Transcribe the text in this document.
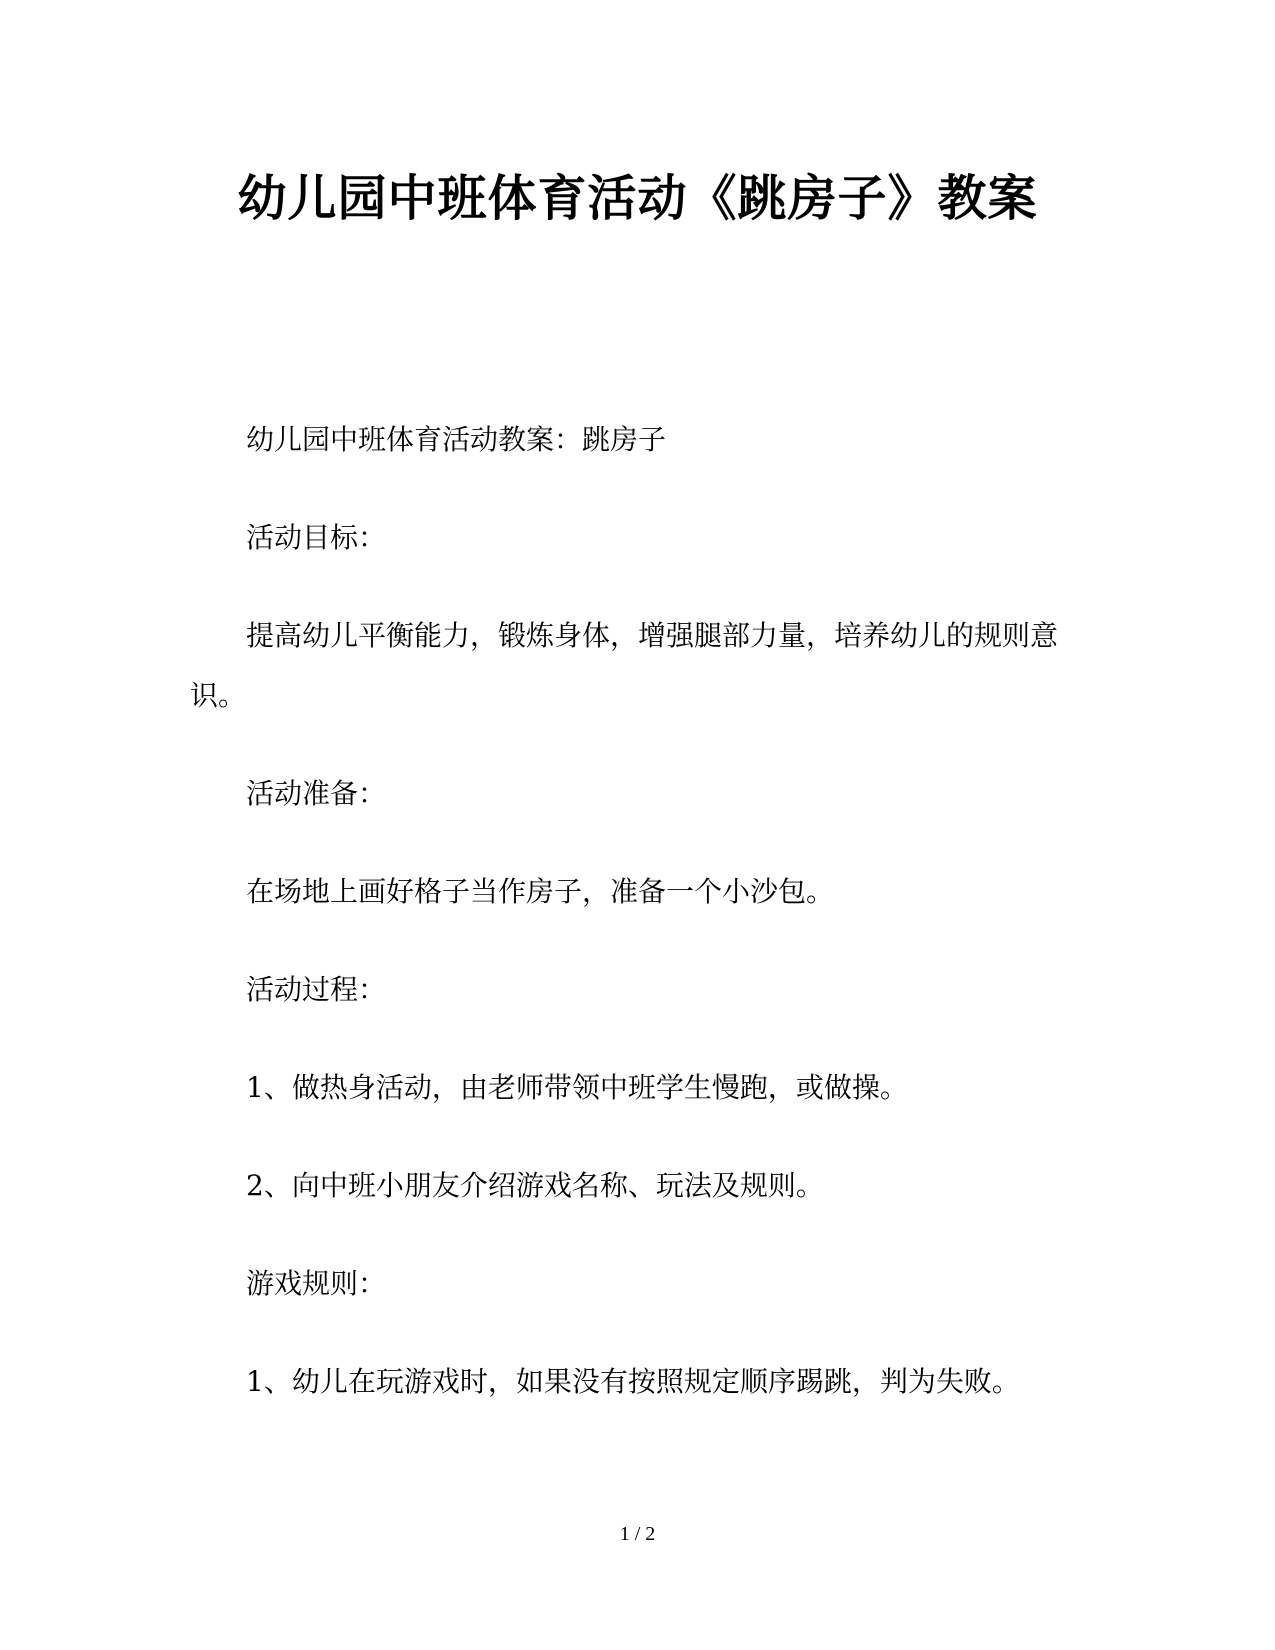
幼儿园中班体育活动《跳房子》教案

幼儿园中班体育活动教案：跳房子

活动目标：

提高幼儿平衡能力，锻炼身体，增强腿部力量，培养幼儿的规则意识。

活动准备：

在场地上画好格子当作房子，准备一个小沙包。

活动过程：

1、做热身活动，由老师带领中班学生慢跑，或做操。

2、向中班小朋友介绍游戏名称、玩法及规则。

游戏规则：

1、幼儿在玩游戏时，如果没有按照规定顺序踢跳，判为失败。

1 / 2
